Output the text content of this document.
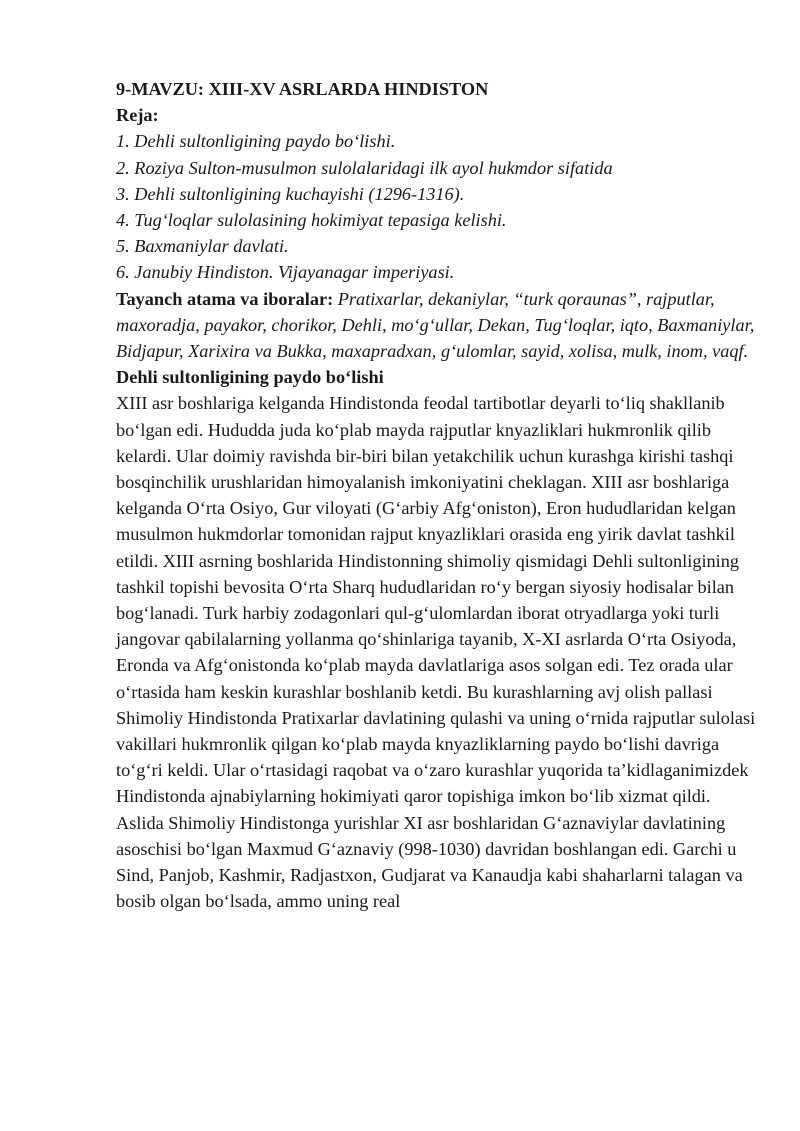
9-MAVZU: XIII-XV ASRLARDA HINDISTON

Reja:

1. Dehli sultonligining paydo bo‘lishi.

2. Roziya Sulton-musulmon sulolalaridagi ilk ayol hukmdor sifatida

3. Dehli sultonligining kuchayishi (1296-1316).

4. Tug‘loqlar sulolasining hokimiyat tepasiga kelishi.

5. Baxmaniylar davlati.

6. Janubiy Hindiston. Vijayanagar imperiyasi.

Tayanch atama va iboralar: Pratixarlar, dekaniylar, “turk qoraunas”, rajputlar, maxoradja, payakor, chorikor, Dehli, mo‘g‘ullar, Dekan, Tug‘loqlar, iqto, Baxmaniylar, Bidjapur, Xarixira va Bukka, maxapradxan, g‘ulomlar, sayid, xolisa, mulk, inom, vaqf.

Dehli sultonligining paydo bo‘lishi

XIII asr boshlariga kelganda Hindistonda feodal tartibotlar deyarli to‘liq shakllanib bo‘lgan edi. Hududda juda ko‘plab mayda rajputlar knyazliklari hukmronlik qilib kelardi. Ular doimiy ravishda bir-biri bilan yetakchilik uchun kurashga kirishi tashqi bosqinchilik urushlaridan himoyalanish imkoniyatini cheklagan. XIII asr boshlariga kelganda O‘rta Osiyo, Gur viloyati (G‘arbiy Afg‘oniston), Eron hududlaridan kelgan musulmon hukmdorlar tomonidan rajput knyazliklari orasida eng yirik davlat tashkil etildi. XIII asrning boshlarida Hindistonning shimoliy qismidagi Dehli sultonligining tashkil topishi bevosita O‘rta Sharq hududlaridan ro‘y bergan siyosiy hodisalar bilan bog‘lanadi. Turk harbiy zodagonlari qul-g‘ulomlardan iborat otryadlarga yoki turli jangovar qabilalarning yollanma qo‘shinlariga tayanib, X-XI asrlarda O‘rta Osiyoda, Eronda va Afg‘onistonda ko‘plab mayda davlatlariga asos solgan edi. Tez orada ular o‘rtasida ham keskin kurashlar boshlanib ketdi. Bu kurashlarning avj olish pallasi Shimoliy Hindistonda Pratixarlar davlatining qulashi va uning o‘rnida rajputlar sulolasi vakillari hukmronlik qilgan ko‘plab mayda knyazliklarning paydo bo‘lishi davriga to‘g‘ri keldi. Ular o‘rtasidagi raqobat va o‘zaro kurashlar yuqorida ta’kidlaganimizdek Hindistonda ajnabiylarning hokimiyati qaror topishiga imkon bo‘lib xizmat qildi.

Aslida Shimoliy Hindistonga yurishlar XI asr boshlaridan G‘aznaviylar davlatining asoschisi bo‘lgan Maxmud G‘aznaviy (998-1030) davridan boshlangan edi. Garchi u Sind, Panjob, Kashmir, Radjastxon, Gudjarat va Kanaudja kabi shaharlarni talagan va bosib olgan bo‘lsada, ammo uning real
